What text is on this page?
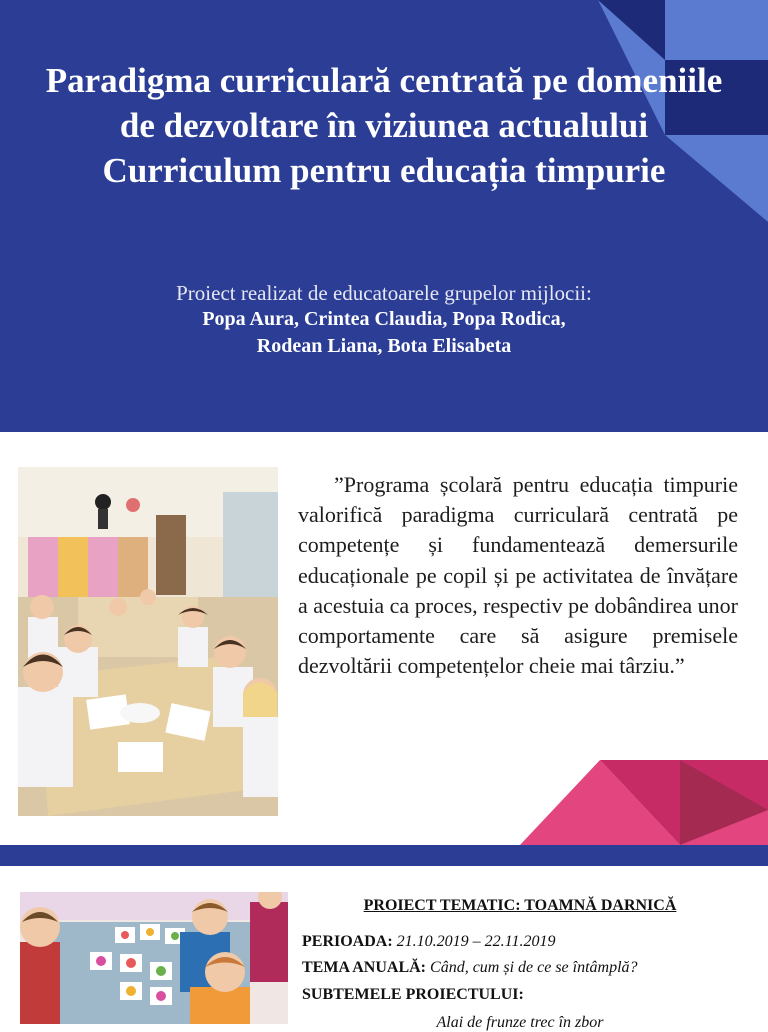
Paradigma curriculară centrată pe domeniile de dezvoltare în viziunea actualului Curriculum pentru educația timpurie
Proiect realizat de educatoarele grupelor mijlocii:
Popa Aura, Crintea Claudia, Popa Rodica,
Rodean Liana, Bota Elisabeta
”Programa școlară pentru educația timpurie valorifică paradigma curriculară centrată pe competențe și fundamentează demersurile educaționale pe copil și pe activitatea de învățare a acestuia ca proces, respectiv pe dobândirea unor comportamente care să asigure premisele dezvoltării competențelor cheie mai târziu.”
PROIECT TEMATIC: TOAMNĂ DARNICĂ
PERIOADA: 21.10.2019 – 22.11.2019
TEMA ANUALĂ: Când, cum și de ce se întâmplă?
SUBTEMELE PROIECTULUI:
Alai de frunze trec în zbor
